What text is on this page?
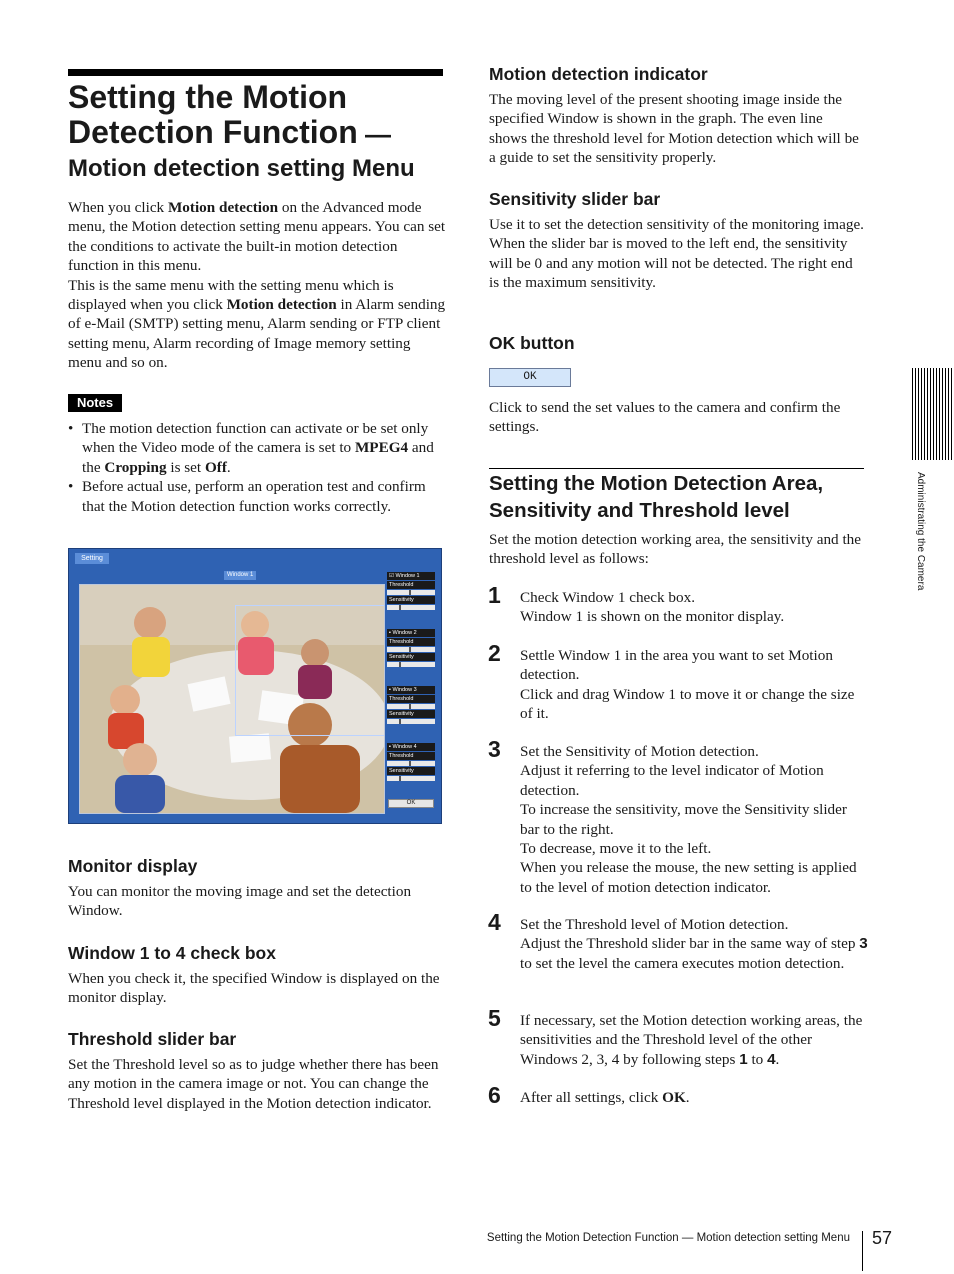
Setting the Motion
Detection Function —
Motion detection setting Menu
When you click Motion detection on the Advanced mode menu, the Motion detection setting menu appears. You can set the conditions to activate the built-in motion detection function in this menu.
This is the same menu with the setting menu which is displayed when you click Motion detection in Alarm sending of e-Mail (SMTP) setting menu, Alarm sending or FTP client setting menu, Alarm recording of Image memory setting menu and so on.
Notes
• The motion detection function can activate or be set only when the Video mode of the camera is set to MPEG4 and the Cropping is set Off.
• Before actual use, perform an operation test and confirm that the Motion detection function works correctly.
Setting
Window 1	☑ Window 1
Threshold
Sensitivity
▪ Window 2
Threshold
Sensitivity
▪ Window 3
Threshold
Sensitivity
▪ Window 4
Threshold
Sensitivity
OK
Monitor display
You can monitor the moving image and set the detection Window.
Window 1 to 4 check box
When you check it, the specified Window is displayed on the monitor display.
Threshold slider bar
Set the Threshold level so as to judge whether there has been any motion in the camera image or not. You can change the Threshold level displayed in the Motion detection indicator.
Motion detection indicator
The moving level of the present shooting image inside the specified Window is shown in the graph. The even line shows the threshold level for Motion detection which will be a guide to set the sensitivity properly.
Sensitivity slider bar
Use it to set the detection sensitivity of the monitoring image.
When the slider bar is moved to the left end, the sensitivity will be 0 and any motion will not be detected. The right end is the maximum sensitivity.
OK button
OK
Click to send the set values to the camera and confirm the settings.
Setting the Motion Detection Area, Sensitivity and Threshold level
Set the motion detection working area, the sensitivity and the threshold level as follows:
1 Check Window 1 check box.
Window 1 is shown on the monitor display.
2 Settle Window 1 in the area you want to set Motion detection.
Click and drag Window 1 to move it or change the size of it.
3 Set the Sensitivity of Motion detection.
Adjust it referring to the level indicator of Motion detection.
To increase the sensitivity, move the Sensitivity slider bar to the right.
To decrease, move it to the left.
When you release the mouse, the new setting is applied to the level of motion detection indicator.
4 Set the Threshold level of Motion detection.
Adjust the Threshold slider bar in the same way of step 3 to set the level the camera executes motion detection.
5 If necessary, set the Motion detection working areas, the sensitivities and the Threshold level of the other Windows 2, 3, 4 by following steps 1 to 4.
6 After all settings, click OK.
Administrating the Camera
Setting the Motion Detection Function — Motion detection setting Menu 57
